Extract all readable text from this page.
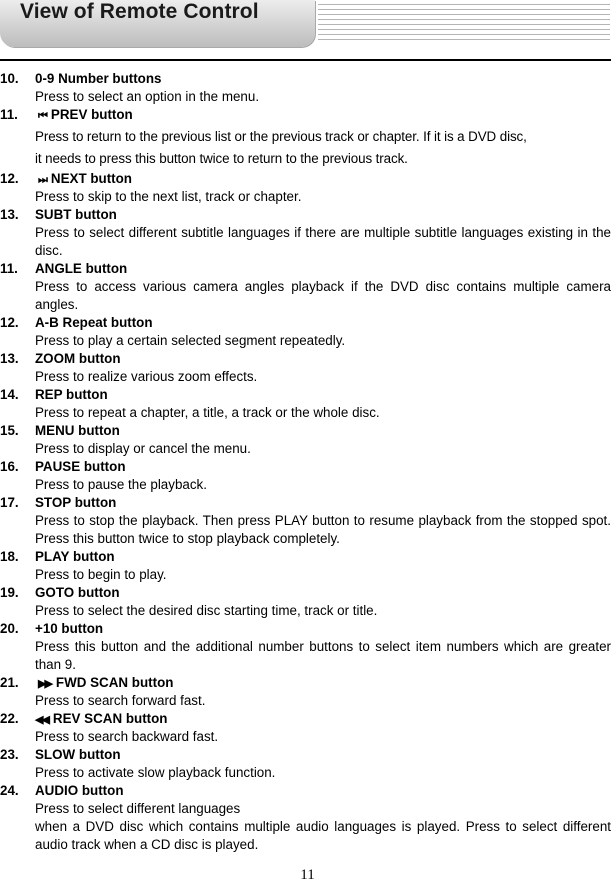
View of Remote Control
10.	0-9 Number buttons
Press to select an option in the menu.
11.	⏮ PREV button
Press to return to the previous list or the previous track or chapter. If it is a DVD disc,
it needs to press this button twice to return to the previous track.
12.	⏭ NEXT button
Press to skip to the next list, track or chapter.
13.	SUBT button
Press to select different subtitle languages if there are multiple subtitle languages existing in the disc.
11.	ANGLE button
Press to access various camera angles playback if the DVD disc contains multiple camera angles.
12.	A-B Repeat button
Press to play a certain selected segment repeatedly.
13.	ZOOM button
Press to realize various zoom effects.
14.	REP button
Press to repeat a chapter, a title, a track or the whole disc.
15.	MENU button
Press to display or cancel the menu.
16.	PAUSE button
Press to pause the playback.
17.	STOP button
Press to stop the playback. Then press PLAY button to resume playback from the stopped spot. Press this button twice to stop playback completely.
18.	PLAY button
Press to begin to play.
19.	GOTO button
Press to select the desired disc starting time, track or title.
20.	+10 button
Press this button and the additional number buttons to select item numbers which are greater than 9.
21.	▶▶ FWD SCAN button
Press to search forward fast.
22.	◀◀ REV SCAN button
Press to search backward fast.
23.	SLOW button
Press to activate slow playback function.
24.	AUDIO button
Press to select different languages
when a DVD disc which contains multiple audio languages is played. Press to select different audio track when a CD disc is played.
11
